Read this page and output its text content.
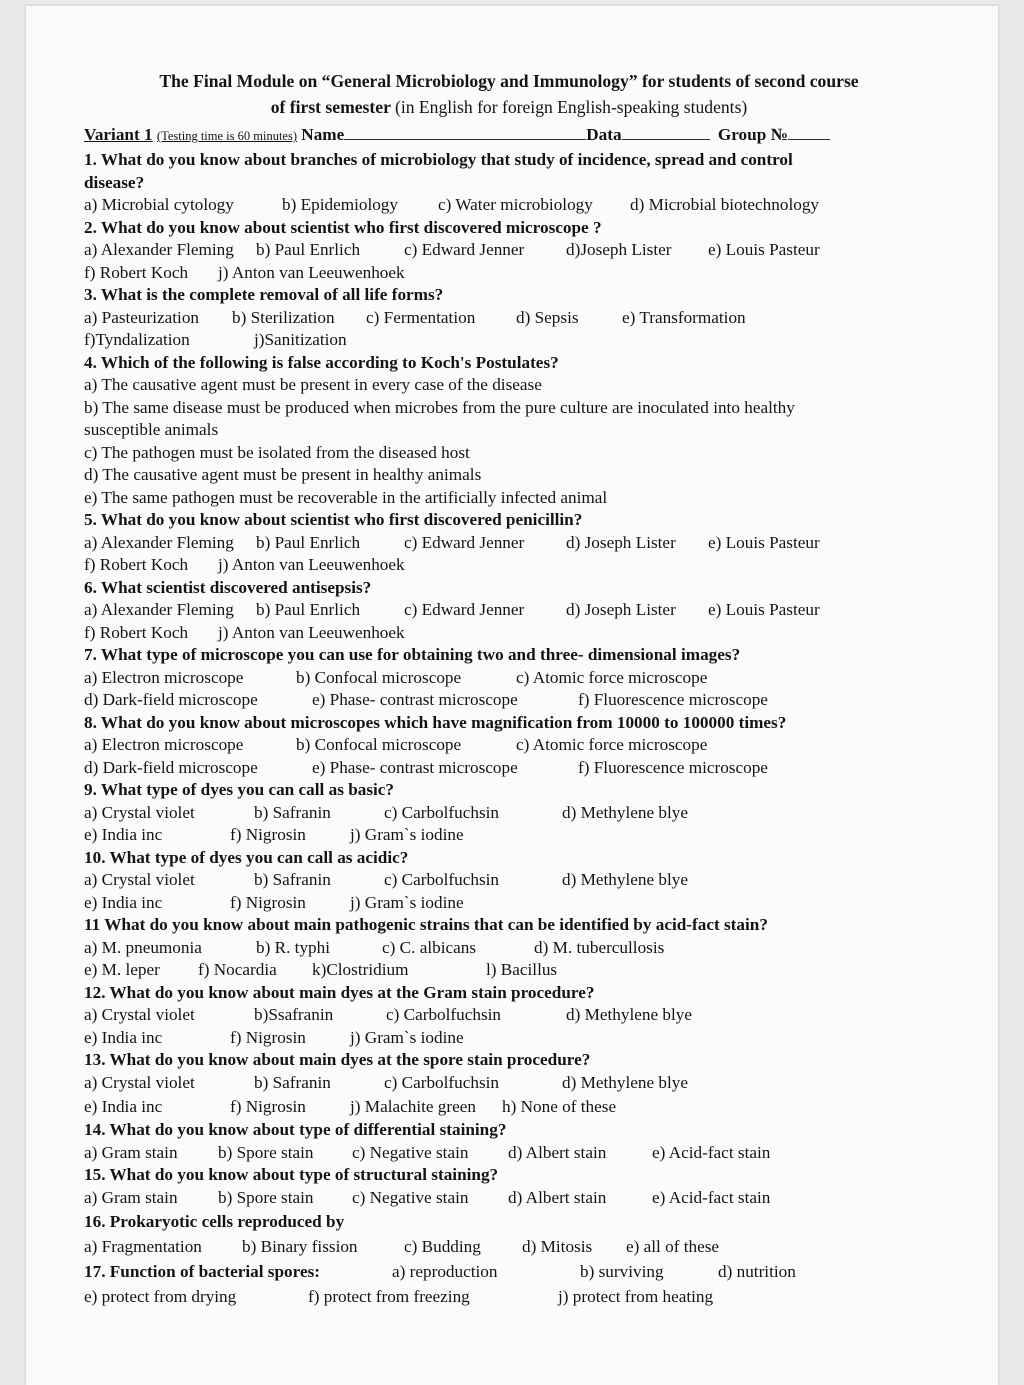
The Final Module on “General Microbiology and Immunology” for students of second course
of first semester (in English for foreign English-speaking students)
Variant 1 (Testing time is 60 minutes) Name	Data	Group №
1. What do you know about branches of microbiology that study of incidence, spread and control
disease?
a) Microbial cytology	b) Epidemiology c) Water microbiology d) Microbial biotechnology
2. What do you know about scientist who first discovered microscope ?
a) Alexander Fleming b) Paul Enrlich	c) Edward Jenner d)Joseph Lister e) Louis Pasteur
f) Robert Koch j) Anton van Leeuwenhoek
3. What is the complete removal of all life forms?
a) Pasteurization b) Sterilization c) Fermentation d) Sepsis	e) Transformation
f)Tyndalization	j)Sanitization
4. Which of the following is false according to Koch's Postulates?
a) The causative agent must be present in every case of the disease
b) The same disease must be produced when microbes from the pure culture are inoculated into healthy
susceptible animals
c) The pathogen must be isolated from the diseased host
d) The causative agent must be present in healthy animals
e) The same pathogen must be recoverable in the artificially infected animal
5. What do you know about scientist who first discovered penicillin?
a) Alexander Fleming b) Paul Enrlich	c) Edward Jenner d) Joseph Lister e) Louis Pasteur
f) Robert Koch j) Anton van Leeuwenhoek
6. What scientist discovered antisepsis?
a) Alexander Fleming b) Paul Enrlich	c) Edward Jenner d) Joseph Lister e) Louis Pasteur
f) Robert Koch j) Anton van Leeuwenhoek
7. What type of microscope you can use for obtaining two and three- dimensional images?
a) Electron microscope	b) Confocal microscope	c) Atomic force microscope
d) Dark-field microscope	e) Phase- contrast microscope	f) Fluorescence microscope
8. What do you know about microscopes which have magnification from 10000 to 100000 times?
a) Electron microscope	b) Confocal microscope	c) Atomic force microscope
d) Dark-field microscope	e) Phase- contrast microscope	f) Fluorescence microscope
9. What type of dyes you can call as basic?
a) Crystal violet	b) Safranin	c) Carbolfuchsin	d) Methylene blye
e) India inc	f) Nigrosin	j) Gram`s iodine
10. What type of dyes you can call as acidic?
a) Crystal violet	b) Safranin	c) Carbolfuchsin	d) Methylene blye
e) India inc	f) Nigrosin	j) Gram`s iodine
11 What do you know about main pathogenic strains that can be identified by acid-fact stain?
a) M. pneumonia	b) R. typhi	c) C. albicans	d) M. tubercullosis
e) M. leper f) Nocardia k)Clostridium	l) Bacillus
12. What do you know about main dyes at the Gram stain procedure?
a) Crystal violet	b)Ssafranin	c) Carbolfuchsin	d) Methylene blye
e) India inc	f) Nigrosin	j) Gram`s iodine
13. What do you know about main dyes at the spore stain procedure?
a) Crystal violet	b) Safranin	c) Carbolfuchsin	d) Methylene blye
e) India inc	f) Nigrosin	j) Malachite green h) None of these
14. What do you know about type of differential staining?
a) Gram stain b) Spore stain c) Negative stain d) Albert stain	e) Acid-fact stain
15. What do you know about type of structural staining?
a) Gram stain b) Spore stain c) Negative stain d) Albert stain	e) Acid-fact stain
16. Prokaryotic cells reproduced by
a) Fragmentation b) Binary fission	c) Budding d) Mitosis e) all of these
17. Function of bacterial spores:	a) reproduction	b) surviving	d) nutrition
e) protect from drying	f) protect from freezing	j) protect from heating
